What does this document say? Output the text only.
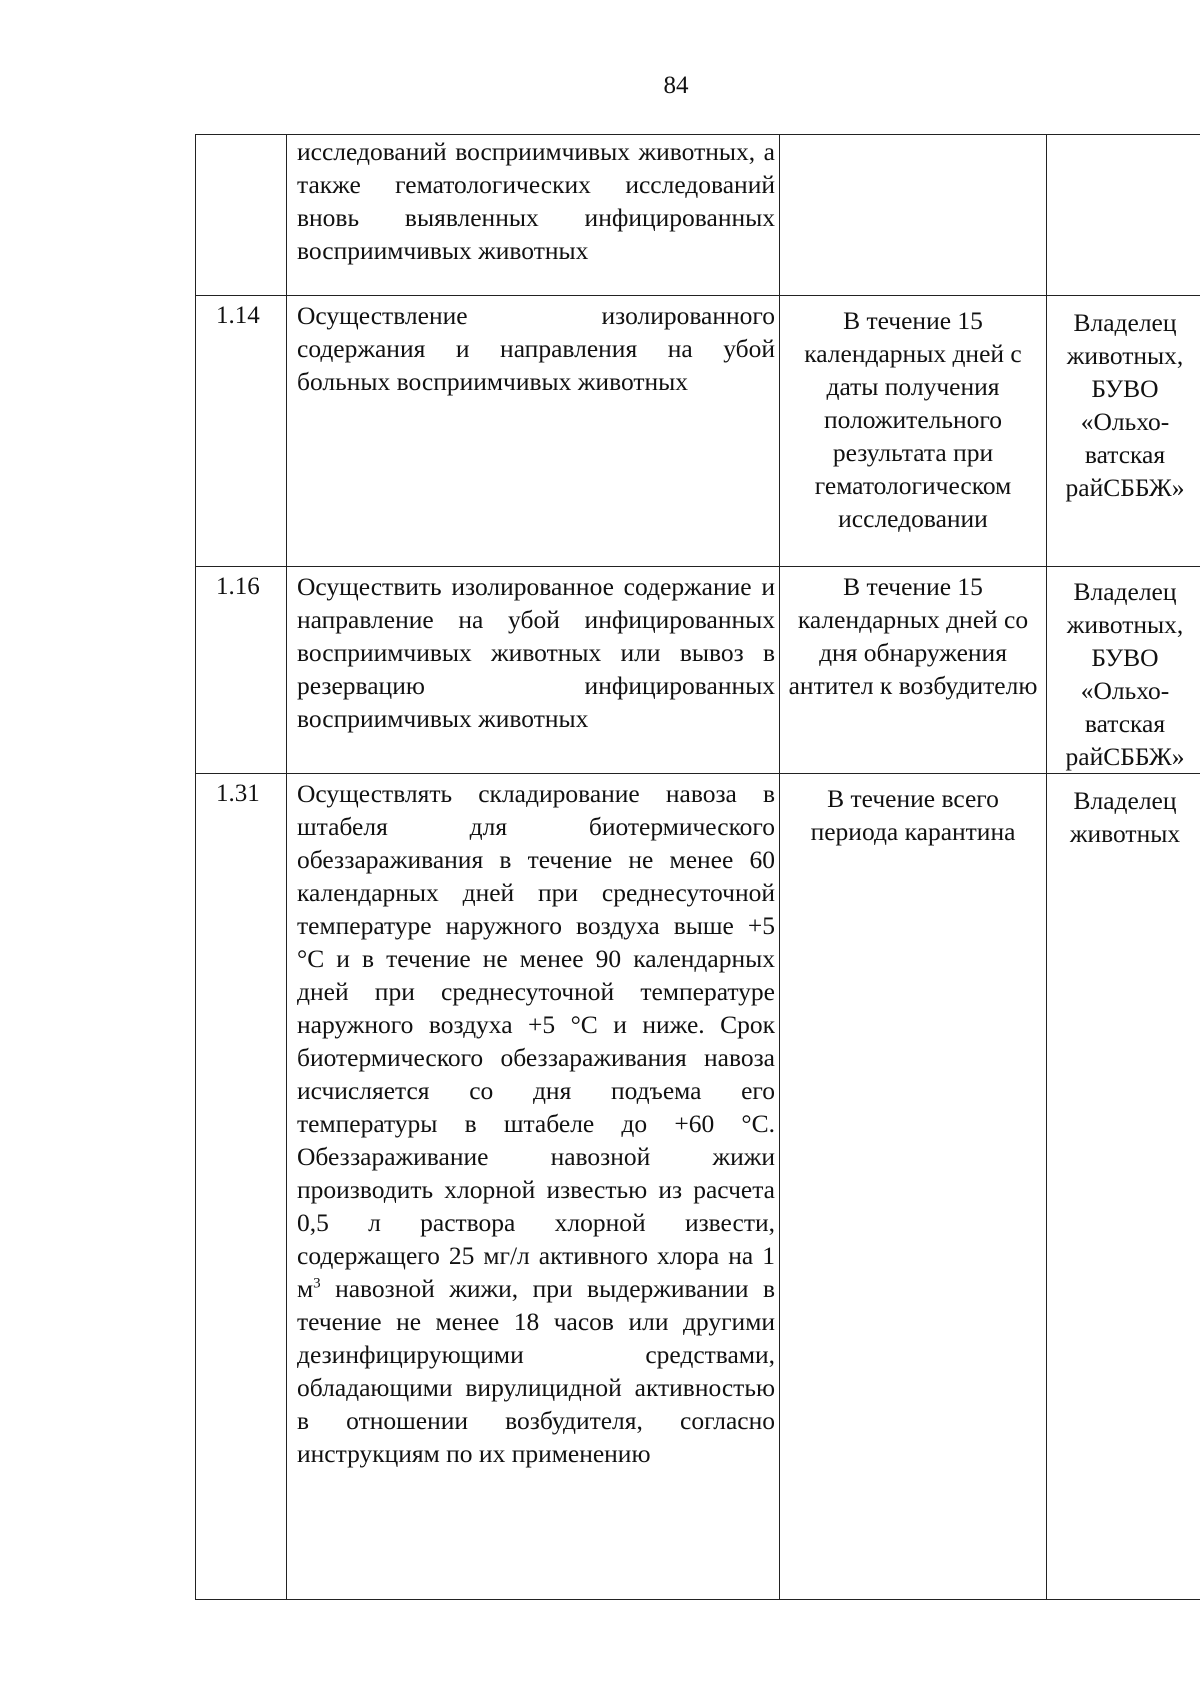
84
	исследований восприимчивых животных, а также гематологических исследований вновь выявленных инфицированных восприимчивых животных		
1.14	Осуществление изолированного содержания и направления на убой больных восприимчивых животных	В течение 15 календарных дней с даты получения положительного результата при гематологическом исследовании	Владелец животных, БУВО «Ольхо- ватская райСББЖ»
1.16	Осуществить изолированное содержание и направление на убой инфицированных восприимчивых животных или вывоз в резервацию инфицированных восприимчивых животных	В течение 15 календарных дней со дня обнаружения антител к возбудителю	Владелец животных, БУВО «Ольхо- ватская райСББЖ»
1.31	Осуществлять складирование навоза в штабеля для биотермического обеззараживания в течение не менее 60 календарных дней при среднесуточной температуре наружного воздуха выше +5 °С и в течение не менее 90 календарных дней при среднесуточной температуре наружного воздуха +5 °С и ниже. Срок биотермического обеззараживания навоза исчисляется со дня подъема его температуры в штабеле до +60 °С. Обеззараживание навозной жижи производить хлорной известью из расчета 0,5 л раствора хлорной извести, содержащего 25 мг/л активного хлора на 1 $м^3$ навозной жижи, при выдерживании в течение не менее 18 часов или другими дезинфицирующими средствами, обладающими вирулицидной активностью в отношении возбудителя, согласно инструкциям по их применению	В течение всего периода карантина	Владелец животных
